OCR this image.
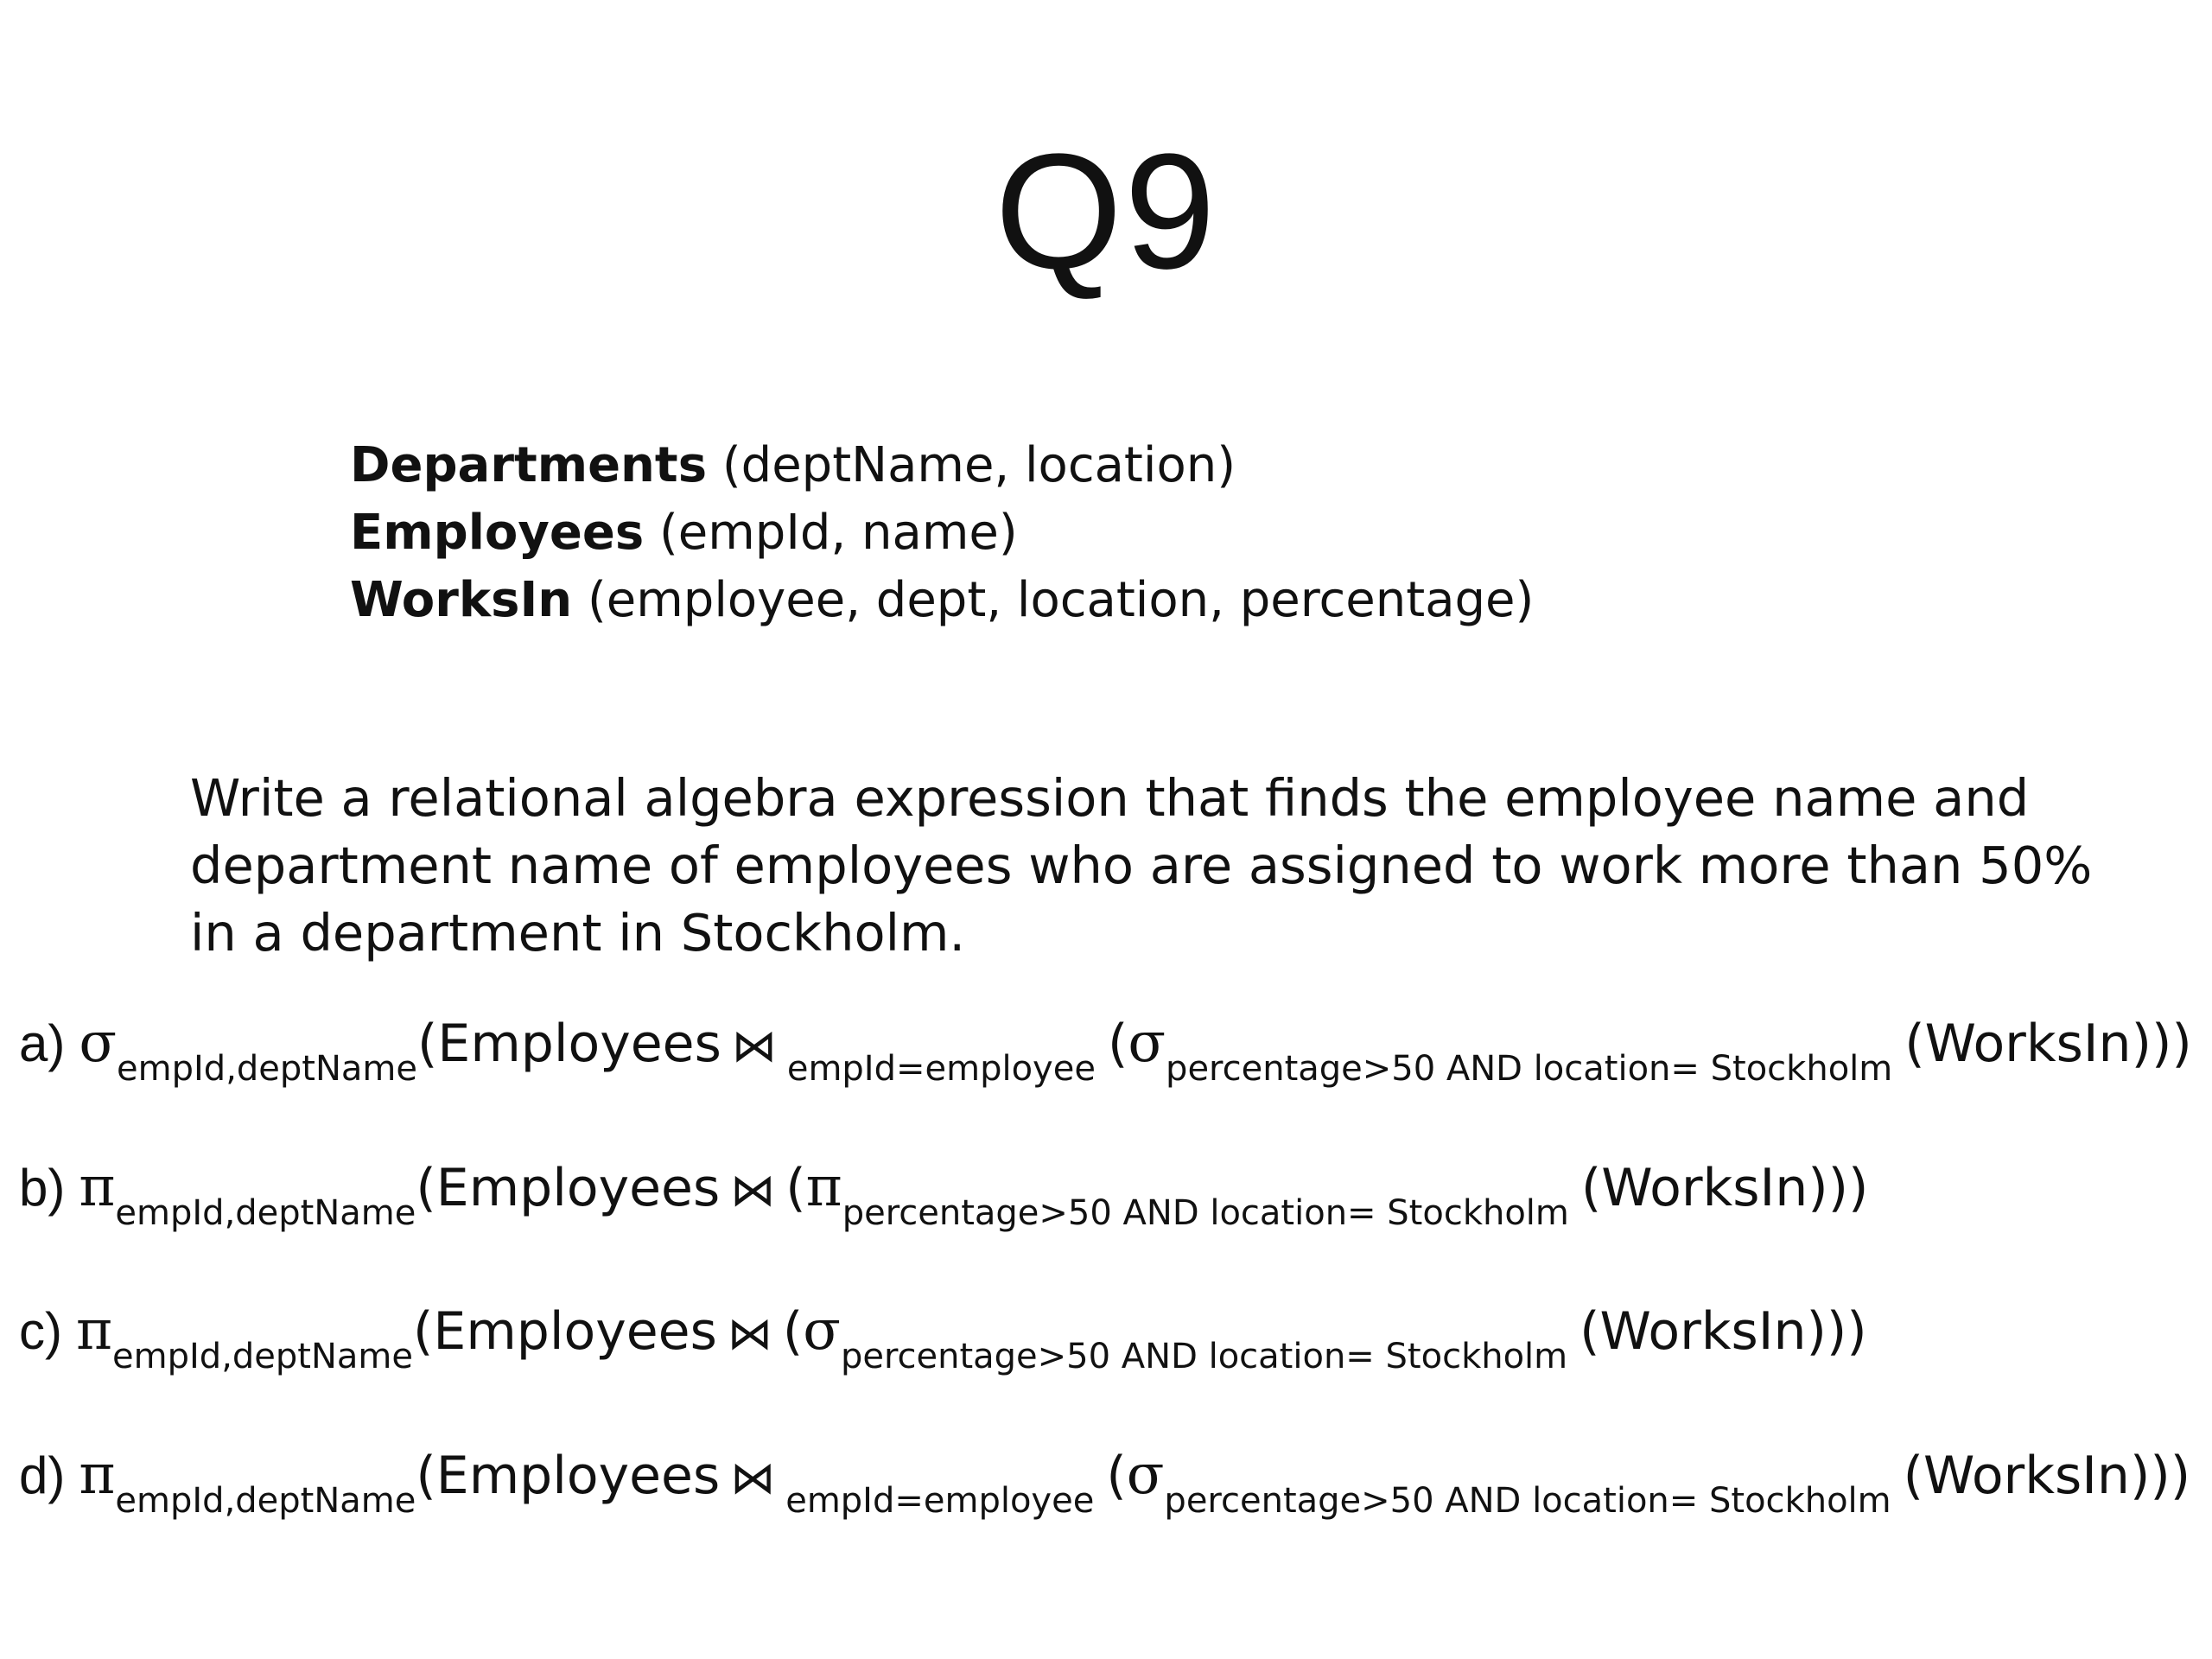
Q9
Departments (deptName, location)
Employees (empId, name)
WorksIn (employee, dept, location, percentage)
Write a relational algebra expression that finds the employee name and department name of employees who are assigned to work more than 50% in a department in Stockholm.
a) σempId,deptName(Employees ⋈ empId=employee (σpercentage>50 AND location= Stockholm (WorksIn)))
b) πempId,deptName(Employees ⋈ (πpercentage>50 AND location= Stockholm (WorksIn)))
c) πempId,deptName(Employees ⋈ (σpercentage>50 AND location= Stockholm (WorksIn)))
d) πempId,deptName(Employees ⋈ empId=employee (σpercentage>50 AND location= Stockholm (WorksIn)))
